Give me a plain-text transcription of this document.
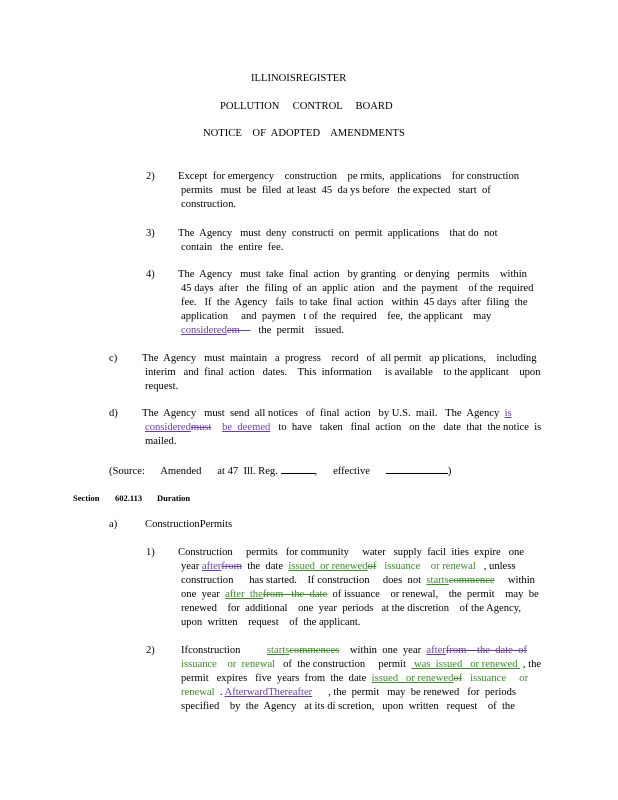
ILLINOISREGISTER
POLLUTION     CONTROL     BOARD
NOTICE    OF  ADOPTED    AMENDMENTS
2) Except  for emergency    construction    pe rmits,  applications    for construction
permits   must  be  filed  at least  45  da ys before   the expected   start  of
construction.
3) The  Agency   must  deny  constructi  on  permit  applications    that do  not
contain   the  entire  fee.
4) The  Agency   must  take  final  action   by granting   or denying   permits    within
45 days  after   the  filing  of  an  applic  ation   and  the  payment    of the  required
fee.   If  the  Agency   fails  to take  final  action   within  45 days  after  filing  the
application     and  paymen   t of  the  required    fee,  the applicant    may
consideredem       the  permit    issued.
c) The  Agency   must  maintain   a  progress    record   of  all permit   ap plications,    including
interim   and  final  action   dates.    This  information     is available    to the applicant    upon
request.
d) The  Agency   must  send  all notices   of  final  action   by U.S.  mail.   The  Agency  is
consideredmust be  deemed   to  have   taken   final  action   on the   date  that  the notice  is
mailed.
(Source:      Amended      at 47  Ill. Reg.	,      effective	)
Section 602.113 Duration
a)	ConstructionPermits
1) Construction     permits   for community     water   supply  facil  ities  expire   one
year afterfrom  the  date  issued  or renewedof   issuance    or renewal   , unless
construction      has started.    If construction     does  not  startscommence     within
one  year  after  thefrom   the  date  of issuance    or renewal,    the  permit    may  be
renewed    for  additional    one  year  periods   at the discretion    of the Agency,
upon  written    request    of  the applicant.
2) Ifconstruction startscommences    within  one  year  afterfrom    the  date  of
issuance    or  renewal   of  the construction     permit   was  issued   or renewed  , the
permit   expires   five  years  from  the  date  issued   or renewedof   issuance     or
renewal  . AfterwardThereafter      , the  permit   may  be renewed   for  periods
specified    by  the  Agency   at its di scretion,   upon  written   request    of  the
